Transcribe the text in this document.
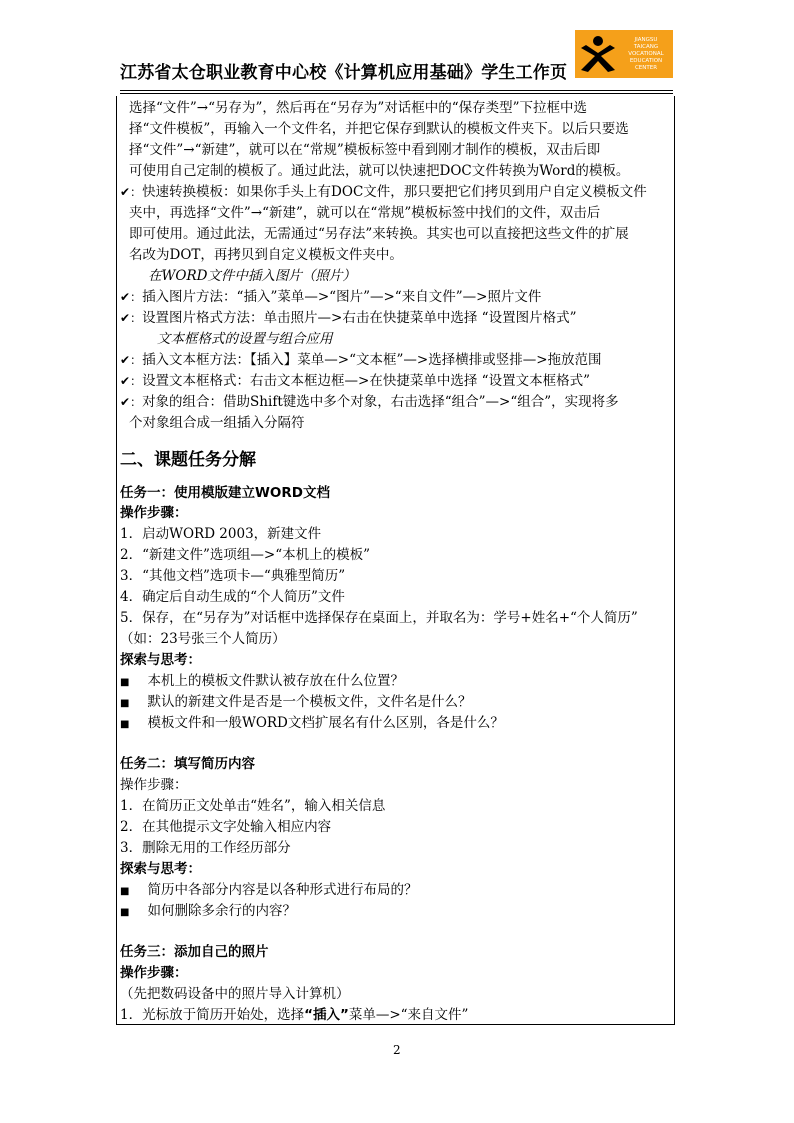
江苏省太仓职业教育中心校《计算机应用基础》学生工作页
JIANGSU
TAICANG
VOCATIONAL
EDUCATION
CENTER
选择“文件”→“另存为”，然后再在“另存为”对话框中的“保存类型”下拉框中选
择“文件模板”，再输入一个文件名，并把它保存到默认的模板文件夹下。以后只要选
择“文件”→“新建”，就可以在“常规”模板标签中看到刚才制作的模板，双击后即
可使用自己定制的模板了。通过此法，就可以快速把DOC文件转换为Word的模板。
✔︎：快速转换模板：如果你手头上有DOC文件，那只要把它们拷贝到用户自定义模板文件
夹中，再选择“文件”→“新建”，就可以在“常规”模板标签中找们的文件，双击后
即可使用。通过此法，无需通过“另存法”来转换。其实也可以直接把这些文件的扩展
名改为DOT，再拷贝到自定义模板文件夹中。
在WORD文件中插入图片（照片）
✔︎：插入图片方法：“插入”菜单—>“图片”—>“来自文件”—>照片文件
✔︎：设置图片格式方法：单击照片—>右击在快捷菜单中选择 “设置图片格式”
文本框格式的设置与组合应用
✔︎：插入文本框方法：【插入】菜单—>“文本框”—>选择横排或竖排—>拖放范围
✔︎：设置文本框格式：右击文本框边框—>在快捷菜单中选择 “设置文本框格式”
✔︎：对象的组合：借助Shift键选中多个对象，右击选择“组合”—>“组合”，实现将多
个对象组合成一组插入分隔符
二、课题任务分解
任务一：使用模版建立WORD文档
操作步骤：
1．启动WORD 2003，新建文件
2．“新建文件”选项组—>“本机上的模板”
3．“其他文档”选项卡—“典雅型简历”
4．确定后自动生成的“个人简历”文件
5．保存，在“另存为”对话框中选择保存在桌面上，并取名为：学号+姓名+“个人简历”
（如：23号张三个人简历）
探索与思考：
■ 本机上的模板文件默认被存放在什么位置？
■ 默认的新建文件是否是一个模板文件，文件名是什么？
■ 模板文件和一般WORD文档扩展名有什么区别，各是什么？
任务二：填写简历内容
操作步骤：
1．在简历正文处单击“姓名”，输入相关信息
2．在其他提示文字处输入相应内容
3．删除无用的工作经历部分
探索与思考：
■ 简历中各部分内容是以各种形式进行布局的？
■ 如何删除多余行的内容？
任务三：添加自己的照片
操作步骤：
（先把数码设备中的照片导入计算机）
1．光标放于简历开始处，选择“插入”菜单—>“来自文件”
2
